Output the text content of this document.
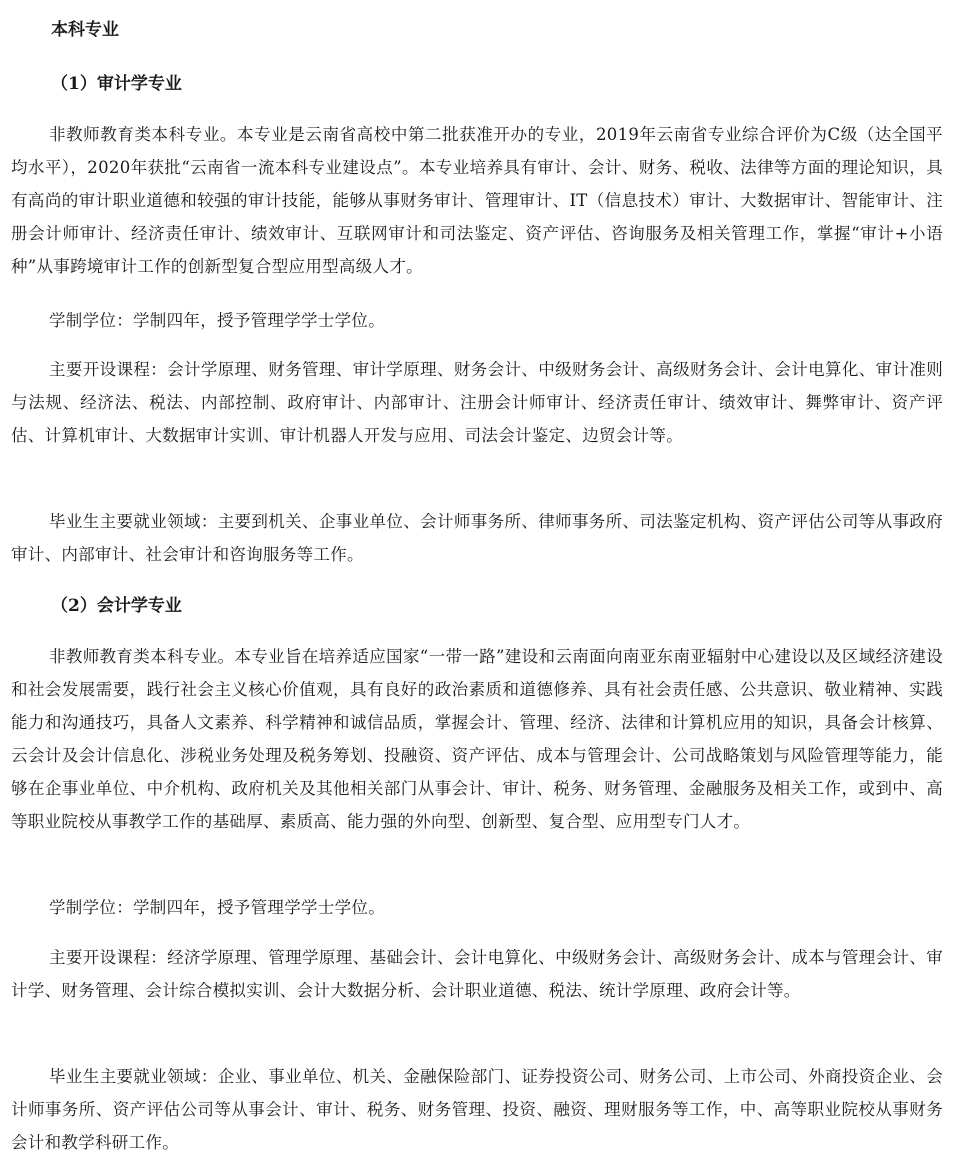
本科专业
（1）审计学专业
非教师教育类本科专业。本专业是云南省高校中第二批获准开办的专业，2019年云南省专业综合评价为C级（达全国平均水平），2020年获批“云南省一流本科专业建设点”。本专业培养具有审计、会计、财务、税收、法律等方面的理论知识，具有高尚的审计职业道德和较强的审计技能，能够从事财务审计、管理审计、IT（信息技术）审计、大数据审计、智能审计、注册会计师审计、经济责任审计、绩效审计、互联网审计和司法鉴定、资产评估、咨询服务及相关管理工作，掌握“审计+小语种”从事跨境审计工作的创新型复合型应用型高级人才。
学制学位：学制四年，授予管理学学士学位。
主要开设课程：会计学原理、财务管理、审计学原理、财务会计、中级财务会计、高级财务会计、会计电算化、审计准则与法规、经济法、税法、内部控制、政府审计、内部审计、注册会计师审计、经济责任审计、绩效审计、舞弊审计、资产评估、计算机审计、大数据审计实训、审计机器人开发与应用、司法会计鉴定、边贸会计等。
毕业生主要就业领域：主要到机关、企事业单位、会计师事务所、律师事务所、司法鉴定机构、资产评估公司等从事政府审计、内部审计、社会审计和咨询服务等工作。
（2）会计学专业
非教师教育类本科专业。本专业旨在培养适应国家“一带一路”建设和云南面向南亚东南亚辐射中心建设以及区域经济建设和社会发展需要，践行社会主义核心价值观，具有良好的政治素质和道德修养、具有社会责任感、公共意识、敬业精神、实践能力和沟通技巧，具备人文素养、科学精神和诚信品质，掌握会计、管理、经济、法律和计算机应用的知识，具备会计核算、云会计及会计信息化、涉税业务处理及税务筹划、投融资、资产评估、成本与管理会计、公司战略策划与风险管理等能力，能够在企事业单位、中介机构、政府机关及其他相关部门从事会计、审计、税务、财务管理、金融服务及相关工作，或到中、高等职业院校从事教学工作的基础厚、素质高、能力强的外向型、创新型、复合型、应用型专门人才。
学制学位：学制四年，授予管理学学士学位。
主要开设课程：经济学原理、管理学原理、基础会计、会计电算化、中级财务会计、高级财务会计、成本与管理会计、审计学、财务管理、会计综合模拟实训、会计大数据分析、会计职业道德、税法、统计学原理、政府会计等。
毕业生主要就业领域：企业、事业单位、机关、金融保险部门、证券投资公司、财务公司、上市公司、外商投资企业、会计师事务所、资产评估公司等从事会计、审计、税务、财务管理、投资、融资、理财服务等工作，中、高等职业院校从事财务会计和教学科研工作。
